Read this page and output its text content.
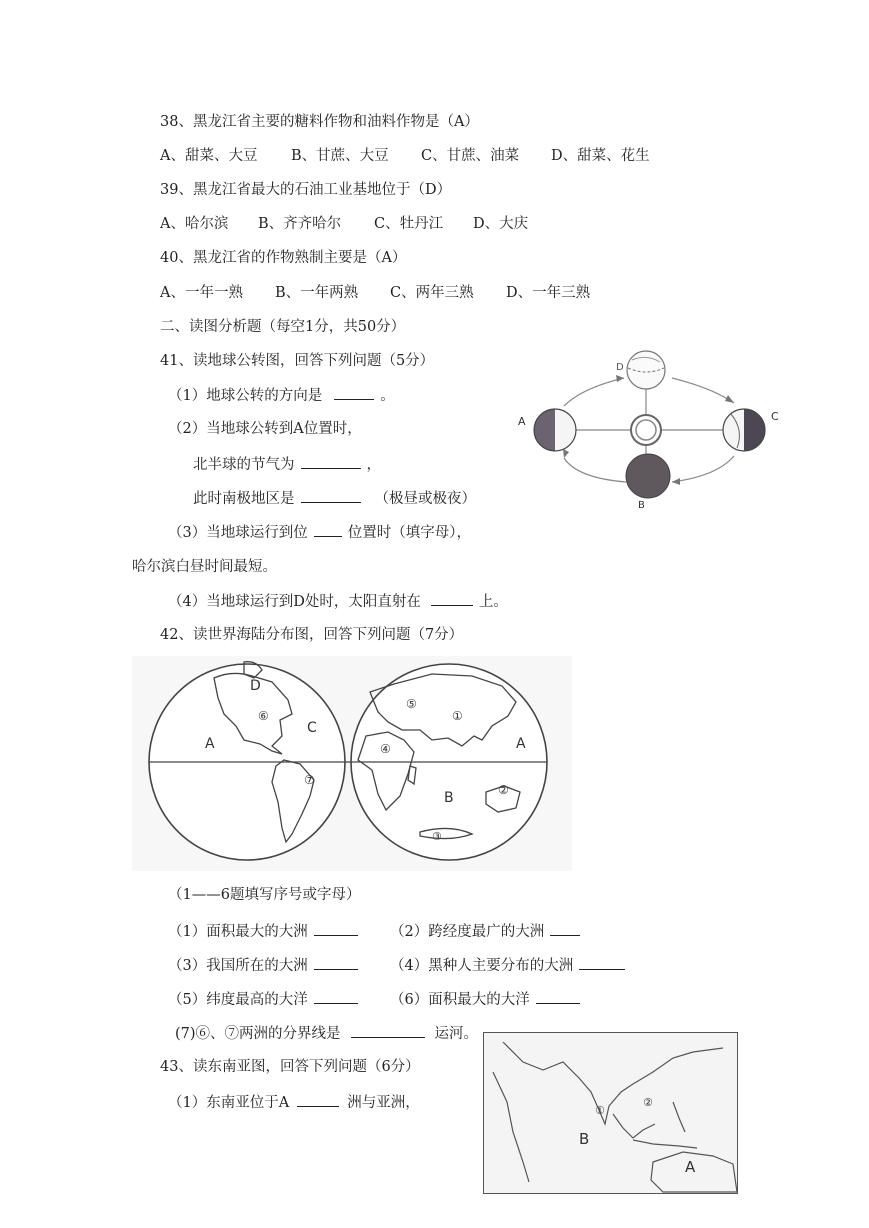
38、黑龙江省主要的糖料作物和油料作物是（A）
A、甜菜、大豆 B、甘蔗、大豆 C、甘蔗、油菜 D、甜菜、花生
39、黑龙江省最大的石油工业基地位于（D）
A、哈尔滨 B、齐齐哈尔 C、牡丹江 D、大庆
40、黑龙江省的作物熟制主要是（A）
A、一年一熟 B、一年两熟 C、两年三熟 D、一年三熟
二、读图分析题（每空1分，共50分）
41、读地球公转图，回答下列问题（5分）
（1）地球公转的方向是	。
（2）当地球公转到A位置时，
北半球的节气为	，
此时南极地区是	（极昼或极夜）
（3）当地球运行到位	位置时（填字母），
哈尔滨白昼时间最短。
（4）当地球运行到D处时，太阳直射在	上。
D
A	C
B
42、读世界海陆分布图，回答下列问题（7分）
D
⑥
C
A
⑦
⑤
①
④	A
B	②
③
（1——6题填写序号或字母）
（1）面积最大的大洲	（2）跨经度最广的大洲
（3）我国所在的大洲	（4）黑种人主要分布的大洲
（5）纬度最高的大洋	（6）面积最大的大洋
(7)⑥、⑦两洲的分界线是	运河。
43、读东南亚图，回答下列问题（6分）
（1）东南亚位于A	洲与亚洲，	①
②
B
A
